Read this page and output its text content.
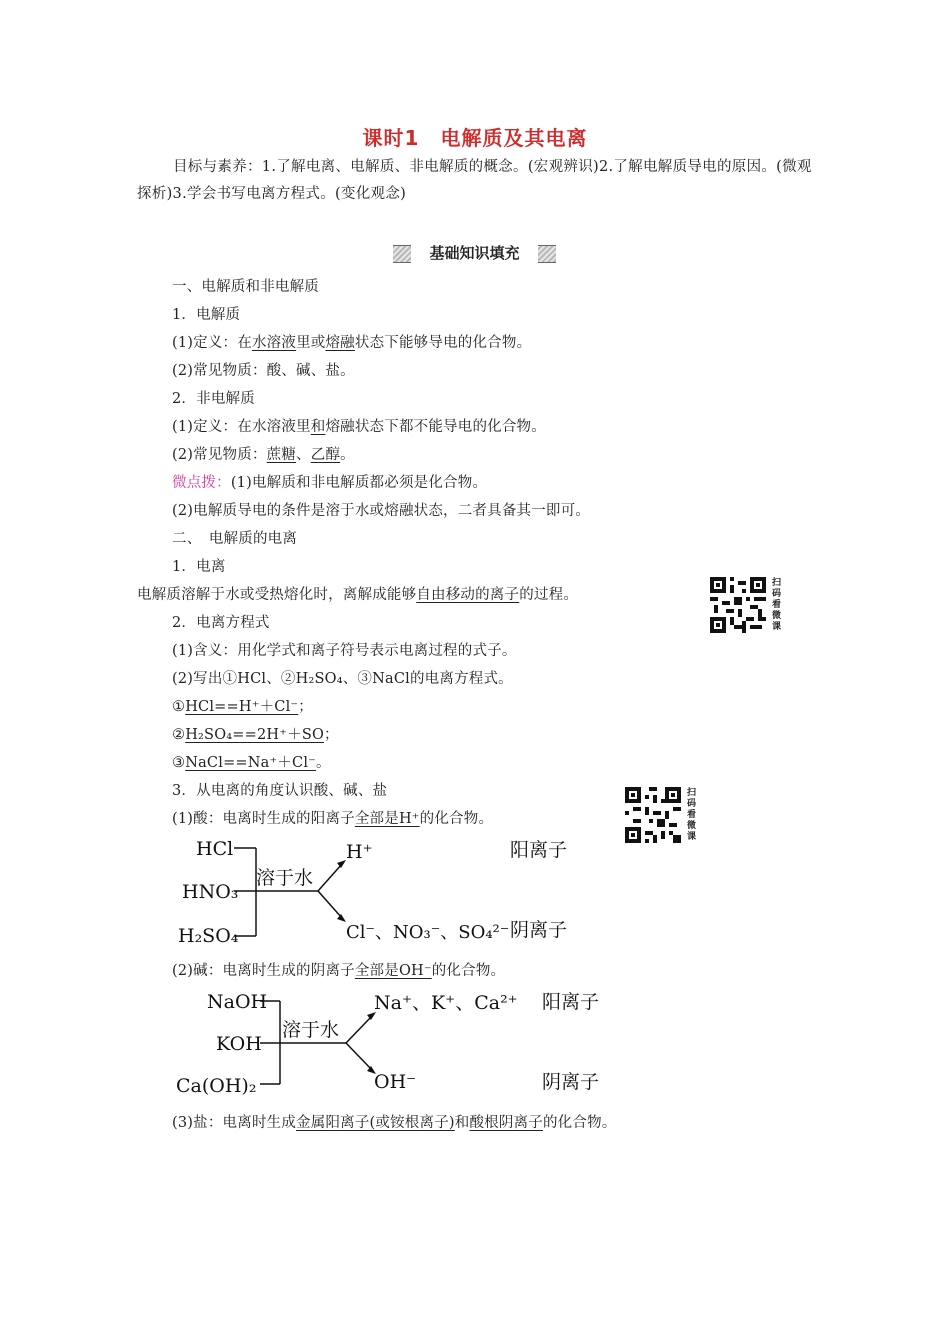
课时1　电解质及其电离
目标与素养：1.了解电离、电解质、非电解质的概念。(宏观辨识)2.了解电解质导电的原因。(微观探析)3.学会书写电离方程式。(变化观念)
基础知识填充
一、电解质和非电解质
1．电解质
(1)定义：在水溶液里或熔融状态下能够导电的化合物。
(2)常见物质：酸、碱、盐。
2．非电解质
(1)定义：在水溶液里和熔融状态下都不能导电的化合物。
(2)常见物质：蔗糖、乙醇。
微点拨：(1)电解质和非电解质都必须是化合物。
(2)电解质导电的条件是溶于水或熔融状态，二者具备其一即可。
二、　电解质的电离
1．电离
电解质溶解于水或受热熔化时，离解成能够自由移动的离子的过程。
扫
码
看
微
课
2．电离方程式
(1)含义：用化学式和离子符号表示电离过程的式子。
(2)写出①HCl、②H₂SO₄、③NaCl的电离方程式。
①HCl==H⁺＋Cl⁻；
②H₂SO₄==2H⁺＋SO；
③NaCl==Na⁺＋Cl⁻。
3．从电离的角度认识酸、碱、盐
(1)酸：电离时生成的阳离子全部是H⁺的化合物。
扫
码
看
微
课
HCl
HNO₃
H₂SO₄
溶于水
H⁺
Cl⁻、NO₃⁻、SO₄²⁻
阳离子
阴离子
(2)碱：电离时生成的阴离子全部是OH⁻的化合物。
NaOH
KOH
Ca(OH)₂
溶于水
Na⁺、K⁺、Ca²⁺
OH⁻
阳离子
阴离子
(3)盐：电离时生成金属阳离子(或铵根离子)和酸根阴离子的化合物。
